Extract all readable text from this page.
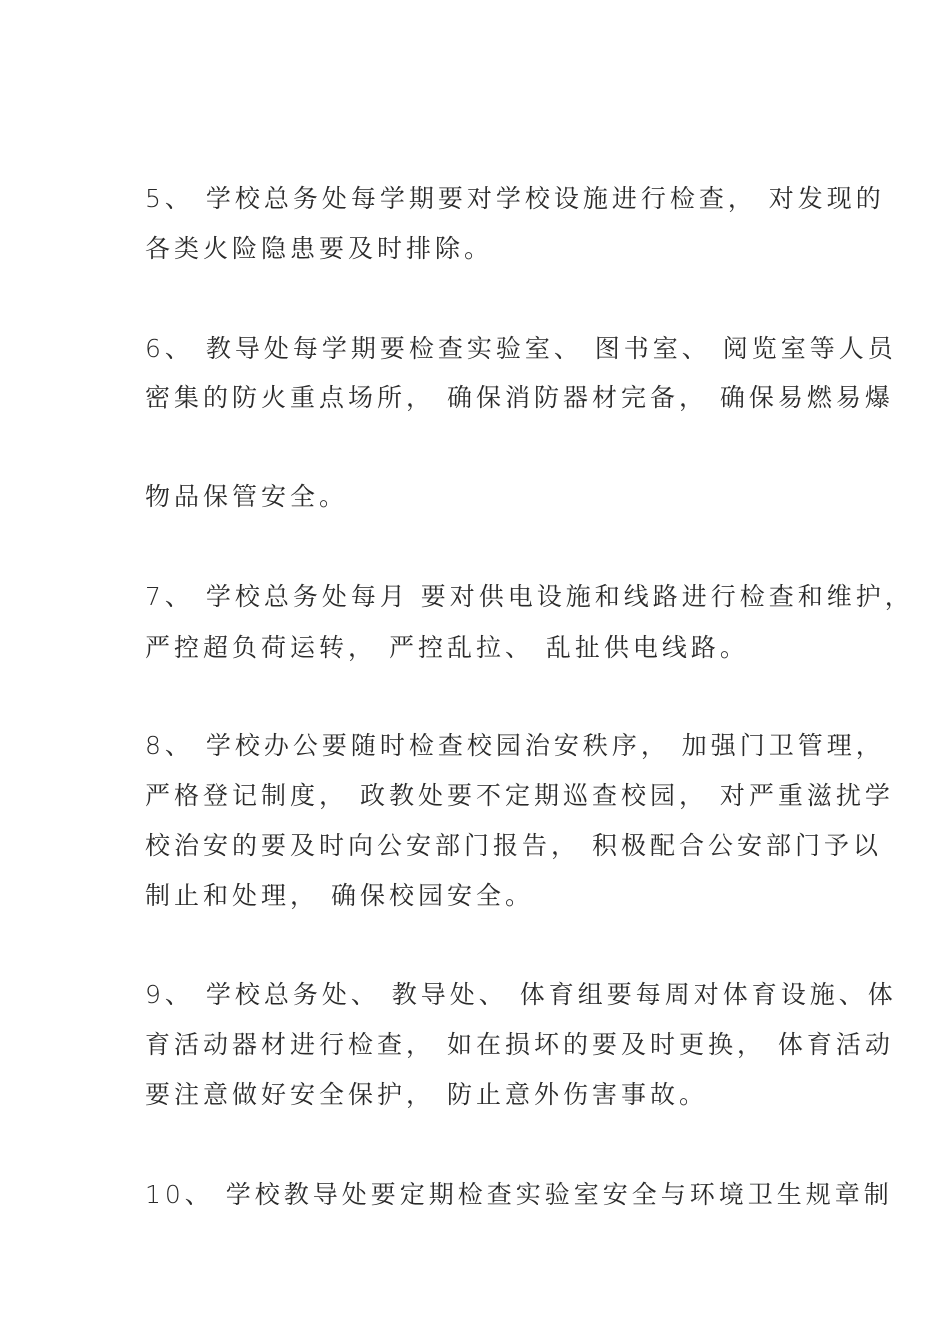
5、 学校总务处每学期要对学校设施进行检查， 对发现的
各类火险隐患要及时排除。
6、 教导处每学期要检查实验室、 图书室、 阅览室等人员
密集的防火重点场所， 确保消防器材完备， 确保易燃易爆
物品保管安全。
7、 学校总务处每月 要对供电设施和线路进行检查和维护，
严控超负荷运转， 严控乱拉、 乱扯供电线路。
8、 学校办公要随时检查校园治安秩序， 加强门卫管理，
严格登记制度， 政教处要不定期巡查校园， 对严重滋扰学
校治安的要及时向公安部门报告， 积极配合公安部门予以
制止和处理， 确保校园安全。
9、 学校总务处、 教导处、 体育组要每周对体育设施、体
育活动器材进行检查， 如在损坏的要及时更换， 体育活动
要注意做好安全保护， 防止意外伤害事故。
10、 学校教导处要定期检查实验室安全与环境卫生规章制
